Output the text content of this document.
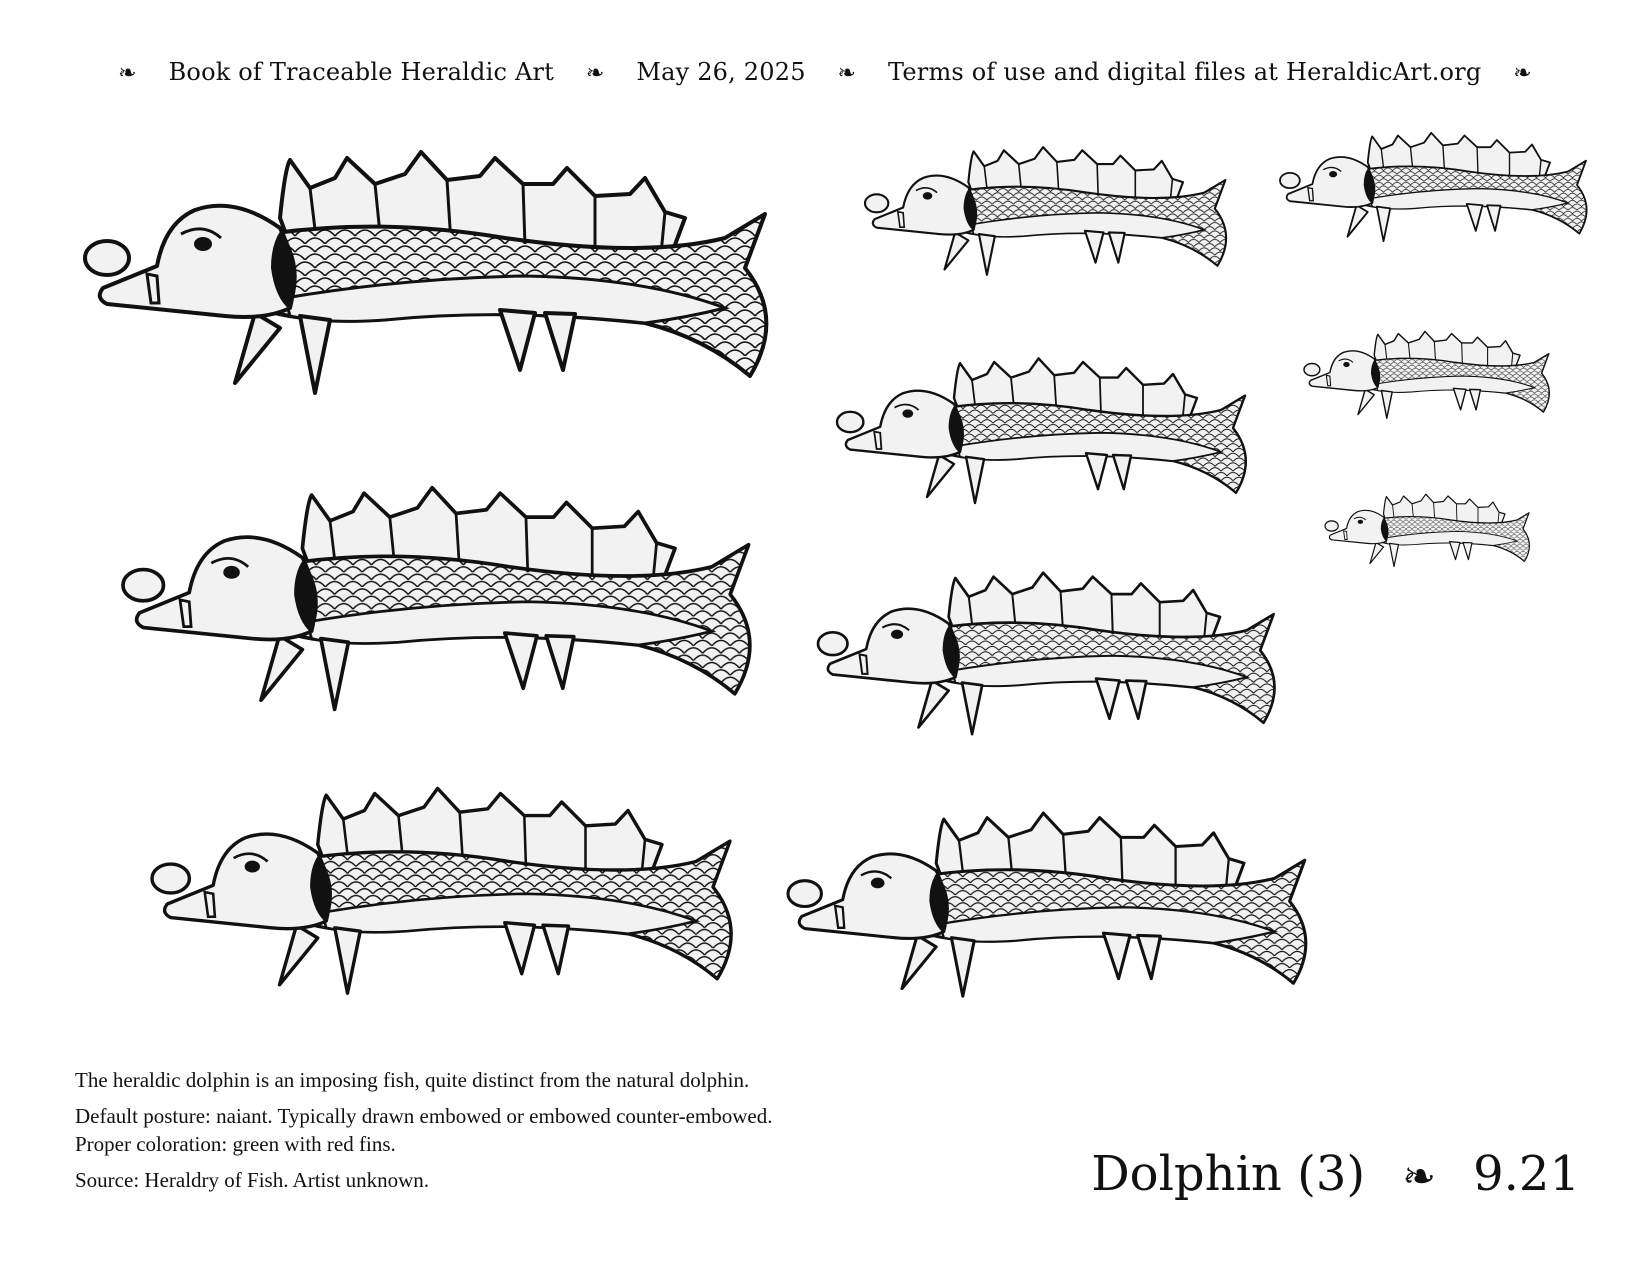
❧ Book of Traceable Heraldic Art ❧ May 26, 2025 ❧ Terms of use and digital files at HeraldicArt.org ❧

The heraldic dolphin is an imposing fish, quite distinct from the natural dolphin.

Default posture: naiant. Typically drawn embowed or embowed counter-embowed.

Proper coloration: green with red fins.

Source: Heraldry of Fish. Artist unknown.	Dolphin (3) ❧ 9.21
